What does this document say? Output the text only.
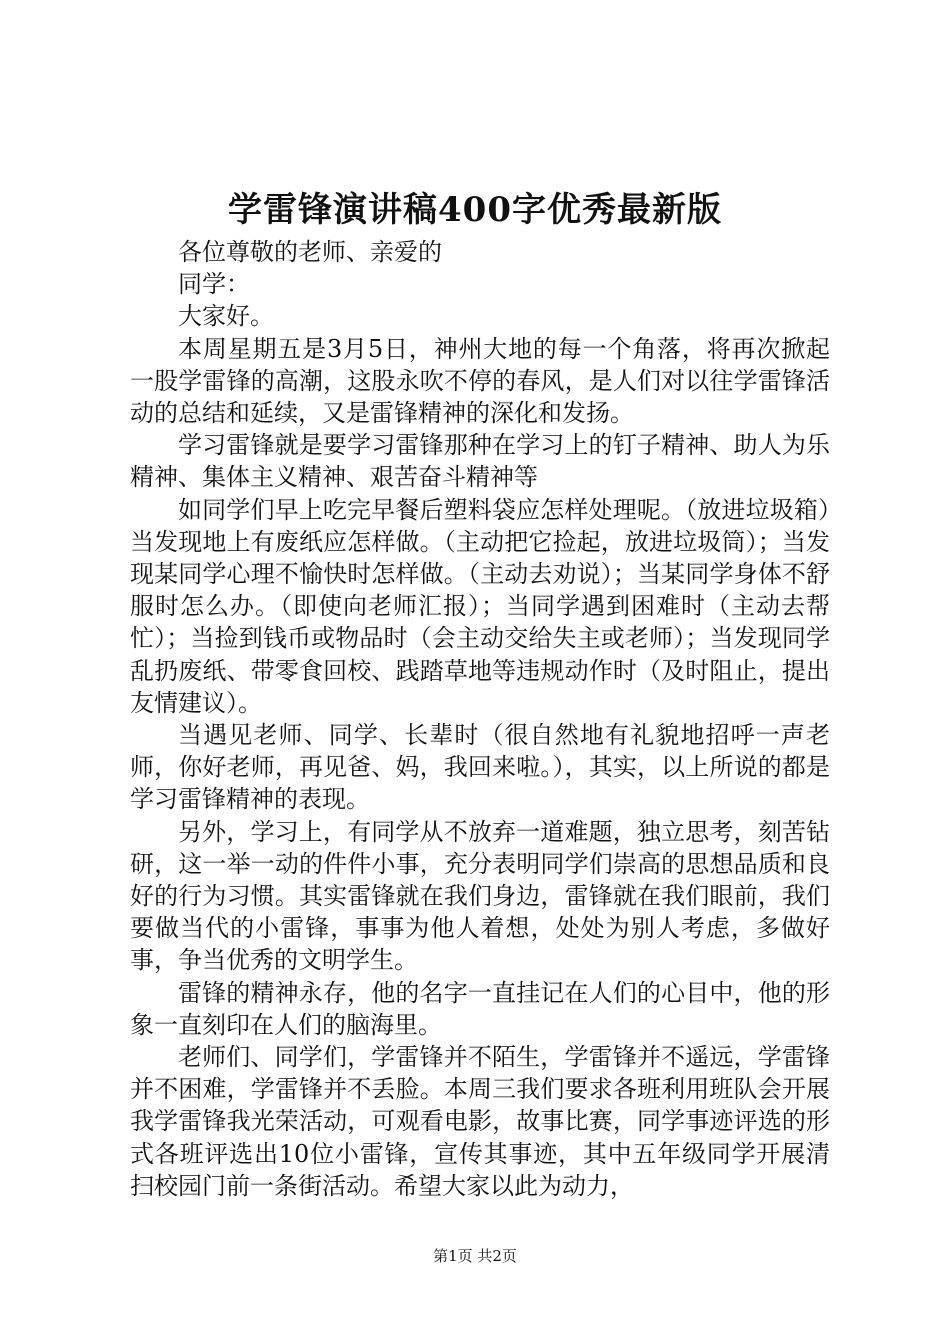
学雷锋演讲稿400字优秀最新版

各位尊敬的老师、亲爱的

同学：

大家好。

本周星期五是3月5日，神州大地的每一个角落，将再次掀起一股学雷锋的高潮，这股永吹不停的春风，是人们对以往学雷锋活动的总结和延续，又是雷锋精神的深化和发扬。

学习雷锋就是要学习雷锋那种在学习上的钉子精神、助人为乐精神、集体主义精神、艰苦奋斗精神等

如同学们早上吃完早餐后塑料袋应怎样处理呢。（放进垃圾箱）当发现地上有废纸应怎样做。（主动把它捡起，放进垃圾筒）；当发现某同学心理不愉快时怎样做。（主动去劝说）；当某同学身体不舒服时怎么办。（即使向老师汇报）；当同学遇到困难时（主动去帮忙）；当捡到钱币或物品时（会主动交给失主或老师）；当发现同学乱扔废纸、带零食回校、践踏草地等违规动作时（及时阻止，提出友情建议）。

当遇见老师、同学、长辈时（很自然地有礼貌地招呼一声老师，你好老师，再见爸、妈，我回来啦。），其实，以上所说的都是学习雷锋精神的表现。

另外，学习上，有同学从不放弃一道难题，独立思考，刻苦钻研，这一举一动的件件小事，充分表明同学们崇高的思想品质和良好的行为习惯。其实雷锋就在我们身边，雷锋就在我们眼前，我们要做当代的小雷锋，事事为他人着想，处处为别人考虑，多做好事，争当优秀的文明学生。

雷锋的精神永存，他的名字一直挂记在人们的心目中，他的形象一直刻印在人们的脑海里。

老师们、同学们，学雷锋并不陌生，学雷锋并不遥远，学雷锋并不困难，学雷锋并不丢脸。本周三我们要求各班利用班队会开展我学雷锋我光荣活动，可观看电影，故事比赛，同学事迹评选的形式各班评选出10位小雷锋，宣传其事迹，其中五年级同学开展清扫校园门前一条街活动。希望大家以此为动力，

第1页 共2页
